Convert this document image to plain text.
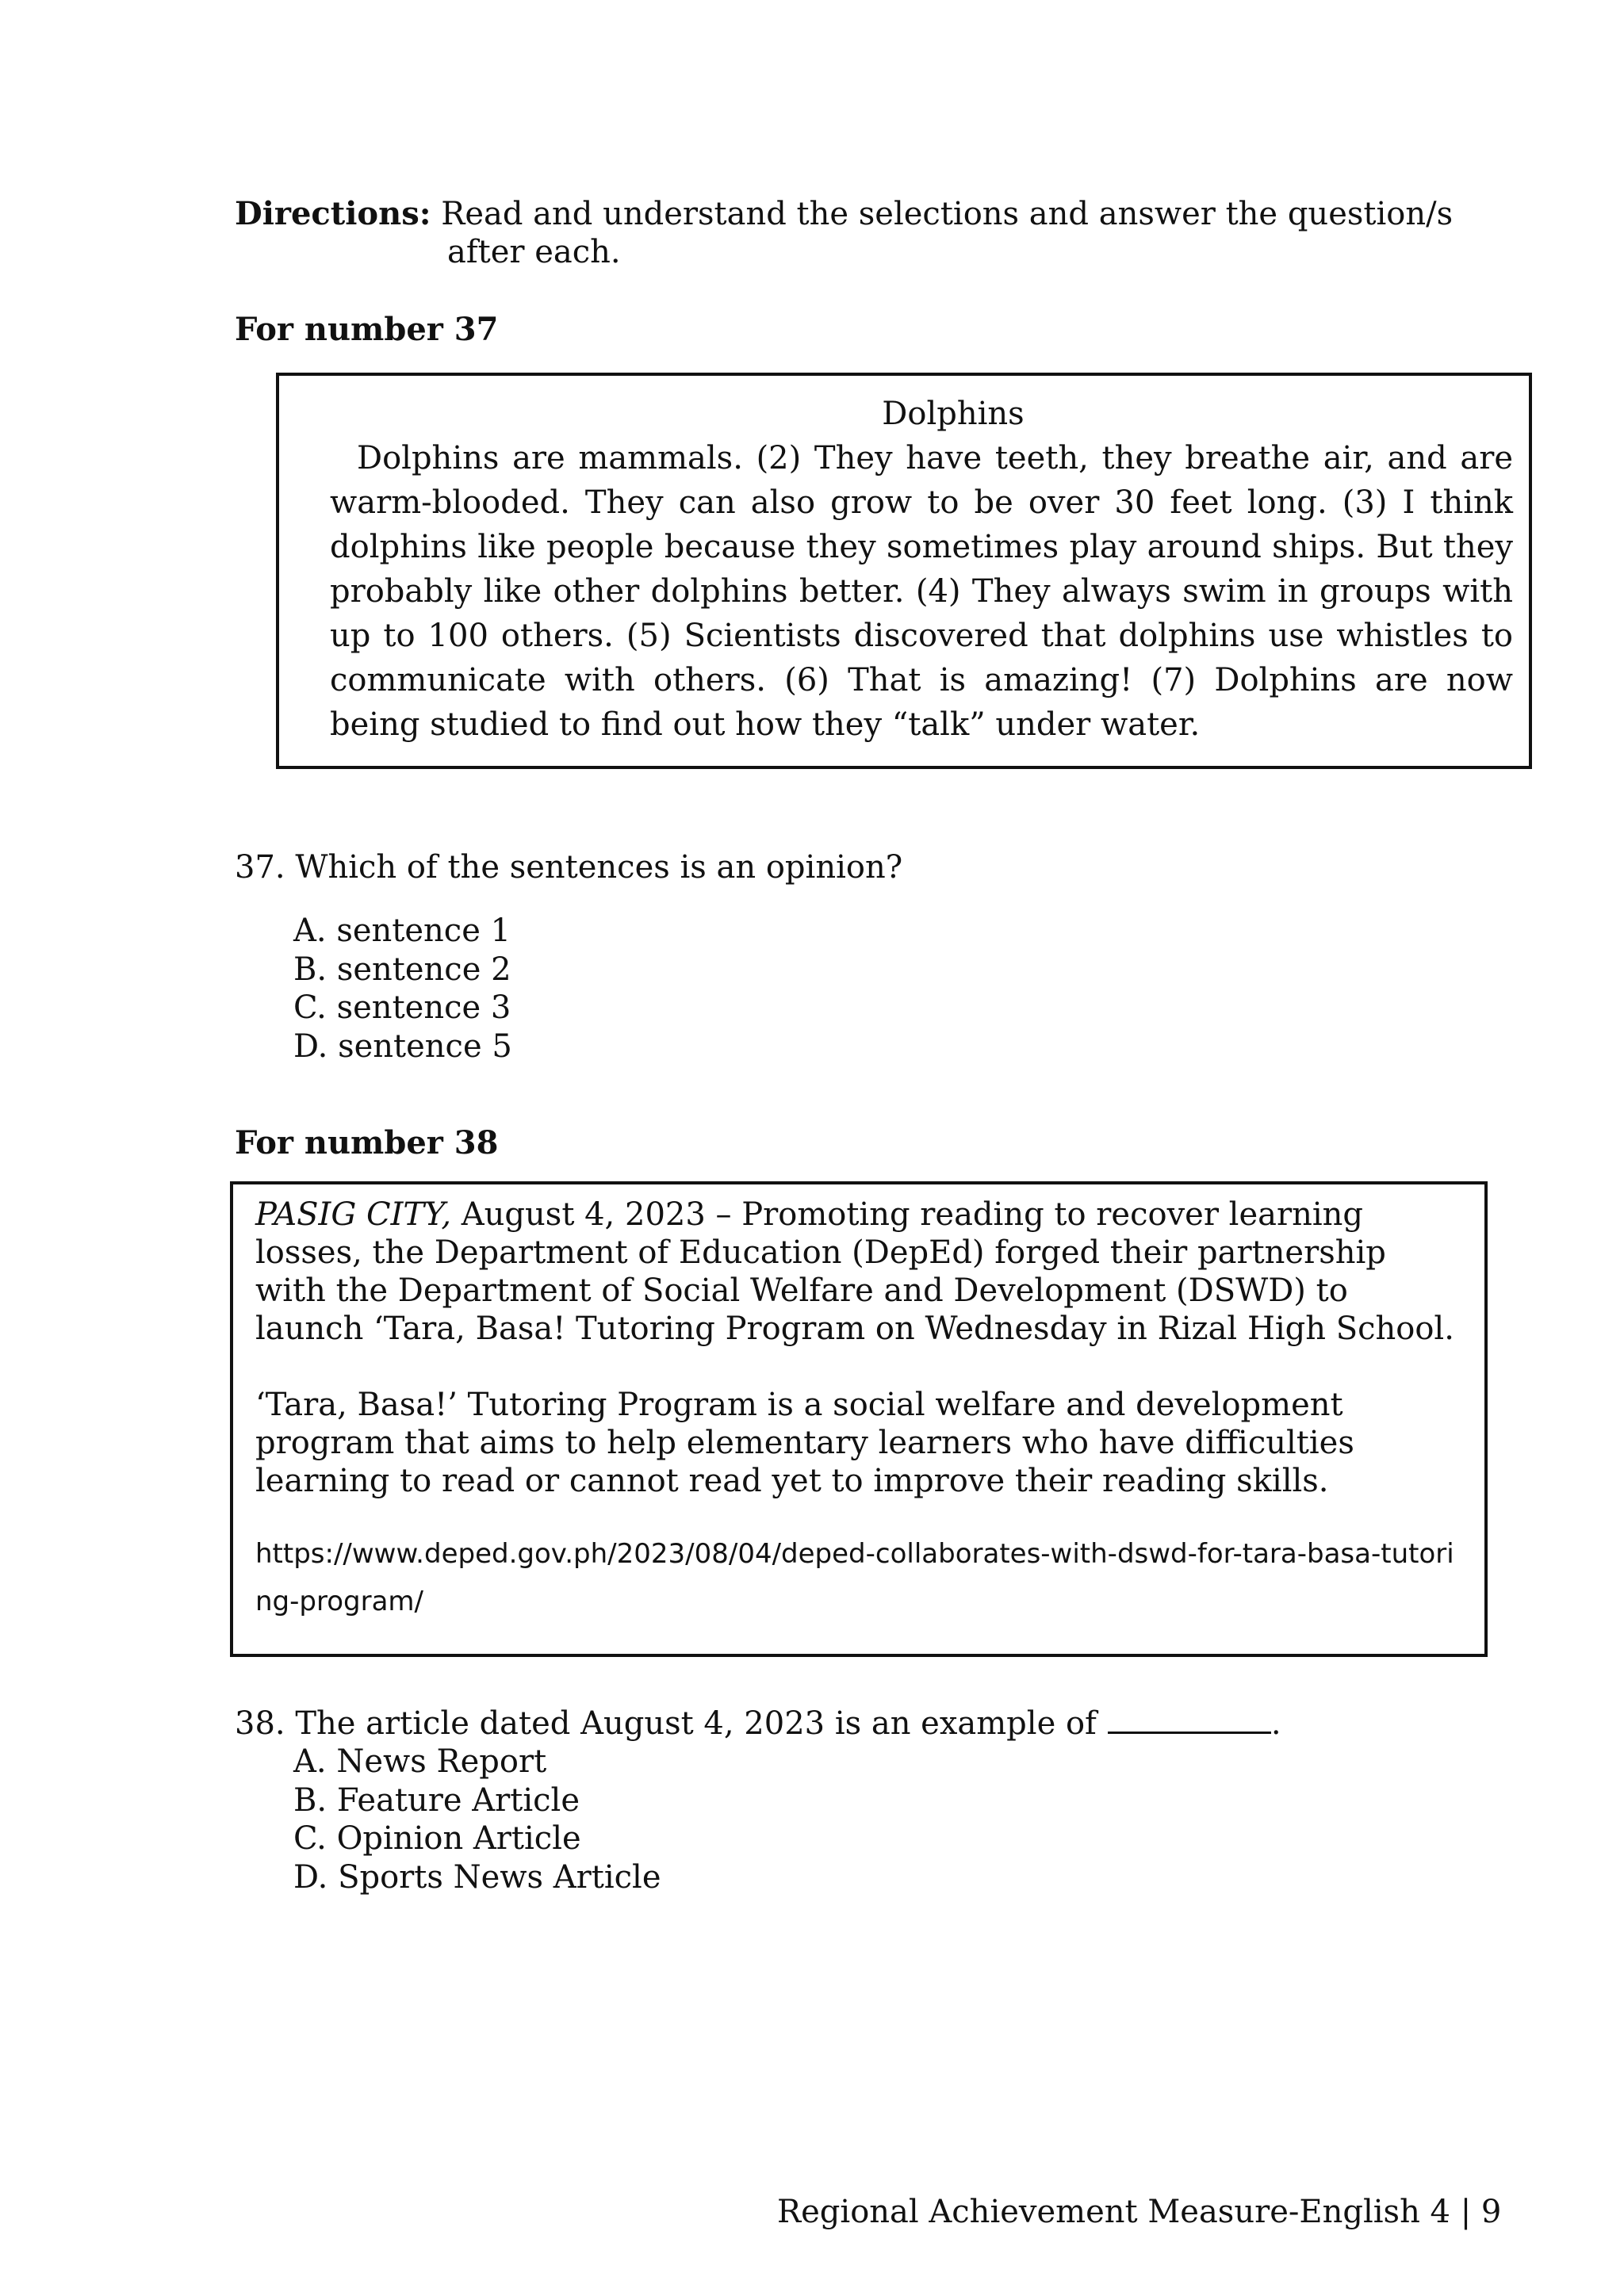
Directions: Read and understand the selections and answer the question/s
after each.
For number 37
Dolphins
Dolphins are mammals. (2) They have teeth, they breathe air, and are warm-blooded. They can also grow to be over 30 feet long. (3) I think dolphins like people because they sometimes play around ships. But they probably like other dolphins better. (4) They always swim in groups with up to 100 others. (5) Scientists discovered that dolphins use whistles to communicate with others. (6) That is amazing! (7) Dolphins are now being studied to find out how they “talk” under water.
37. Which of the sentences is an opinion?
A. sentence 1
B. sentence 2
C. sentence 3
D. sentence 5
For number 38
PASIG CITY, August 4, 2023 – Promoting reading to recover learning losses, the Department of Education (DepEd) forged their partnership with the Department of Social Welfare and Development (DSWD) to launch ‘Tara, Basa! Tutoring Program on Wednesday in Rizal High School.
‘Tara, Basa!’ Tutoring Program is a social welfare and development program that aims to help elementary learners who have difficulties learning to read or cannot read yet to improve their reading skills.
https://www.deped.gov.ph/2023/08/04/deped-collaborates-with-dswd-for-tara-basa-tutoring-program/
38. The article dated August 4, 2023 is an example of	.
A. News Report
B. Feature Article
C. Opinion Article
D. Sports News Article
Regional Achievement Measure-English 4 | 9
